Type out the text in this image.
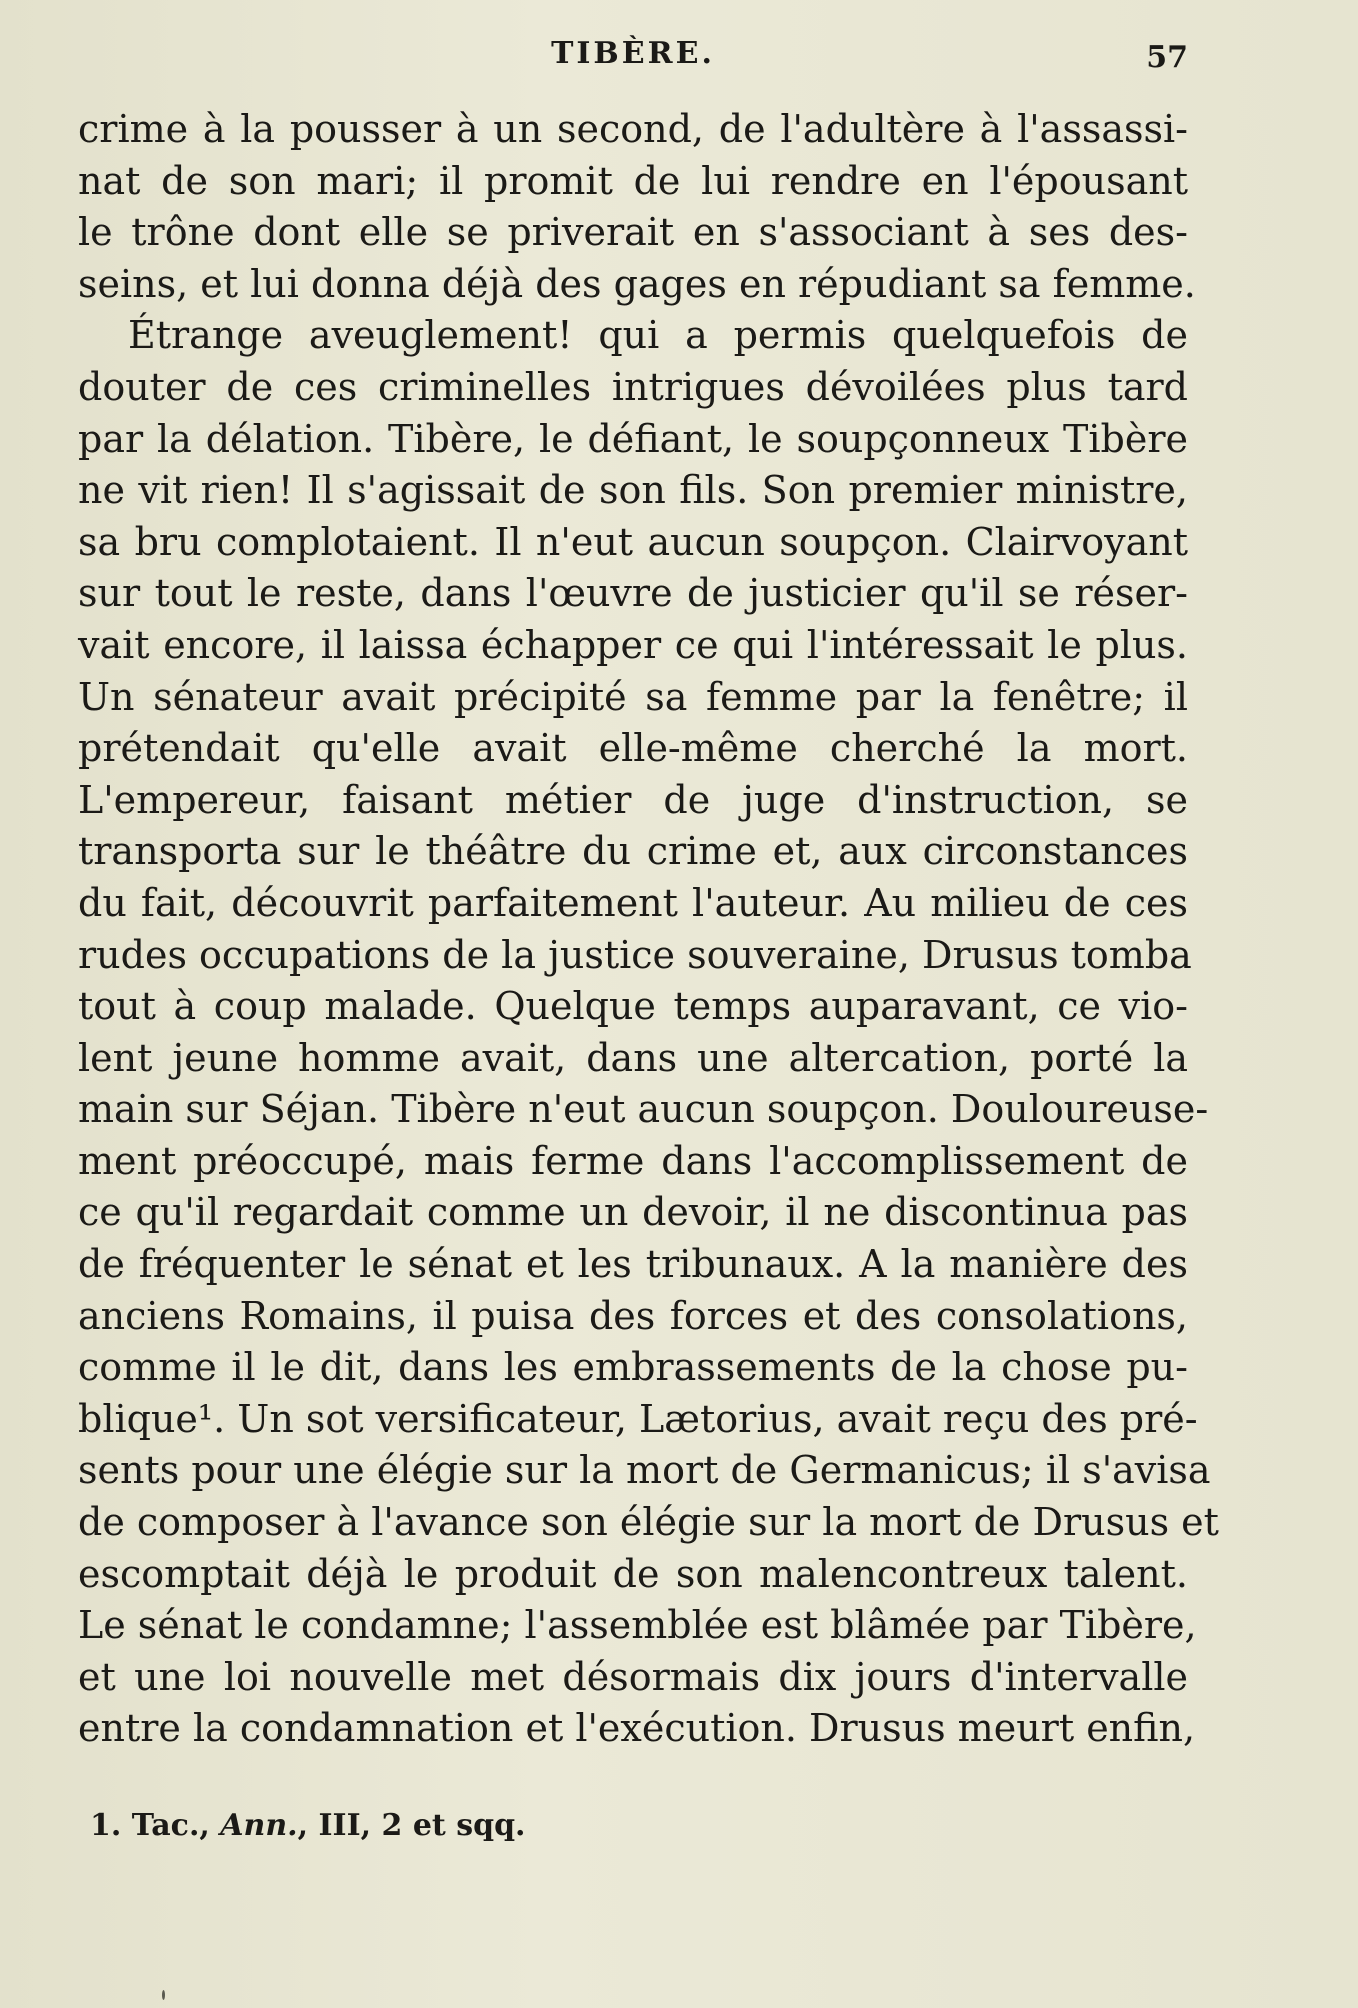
TIBÈRE.	57
crime à la pousser à un second, de l'adultère à l'assassi-
nat de son mari; il promit de lui rendre en l'épousant
le trône dont elle se priverait en s'associant à ses des-
seins, et lui donna déjà des gages en répudiant sa femme.
Étrange aveuglement! qui a permis quelquefois de
douter de ces criminelles intrigues dévoilées plus tard
par la délation. Tibère, le défiant, le soupçonneux Tibère
ne vit rien! Il s'agissait de son fils. Son premier ministre,
sa bru complotaient. Il n'eut aucun soupçon. Clairvoyant
sur tout le reste, dans l'œuvre de justicier qu'il se réser-
vait encore, il laissa échapper ce qui l'intéressait le plus.
Un sénateur avait précipité sa femme par la fenêtre; il
prétendait qu'elle avait elle-même cherché la mort.
L'empereur, faisant métier de juge d'instruction, se
transporta sur le théâtre du crime et, aux circonstances
du fait, découvrit parfaitement l'auteur. Au milieu de ces
rudes occupations de la justice souveraine, Drusus tomba
tout à coup malade. Quelque temps auparavant, ce vio-
lent jeune homme avait, dans une altercation, porté la
main sur Séjan. Tibère n'eut aucun soupçon. Douloureuse-
ment préoccupé, mais ferme dans l'accomplissement de
ce qu'il regardait comme un devoir, il ne discontinua pas
de fréquenter le sénat et les tribunaux. A la manière des
anciens Romains, il puisa des forces et des consolations,
comme il le dit, dans les embrassements de la chose pu-
blique¹. Un sot versificateur, Lætorius, avait reçu des pré-
sents pour une élégie sur la mort de Germanicus; il s'avisa
de composer à l'avance son élégie sur la mort de Drusus et
escomptait déjà le produit de son malencontreux talent.
Le sénat le condamne; l'assemblée est blâmée par Tibère,
et une loi nouvelle met désormais dix jours d'intervalle
entre la condamnation et l'exécution. Drusus meurt enfin,
1. Tac., Ann., III, 2 et sqq.
